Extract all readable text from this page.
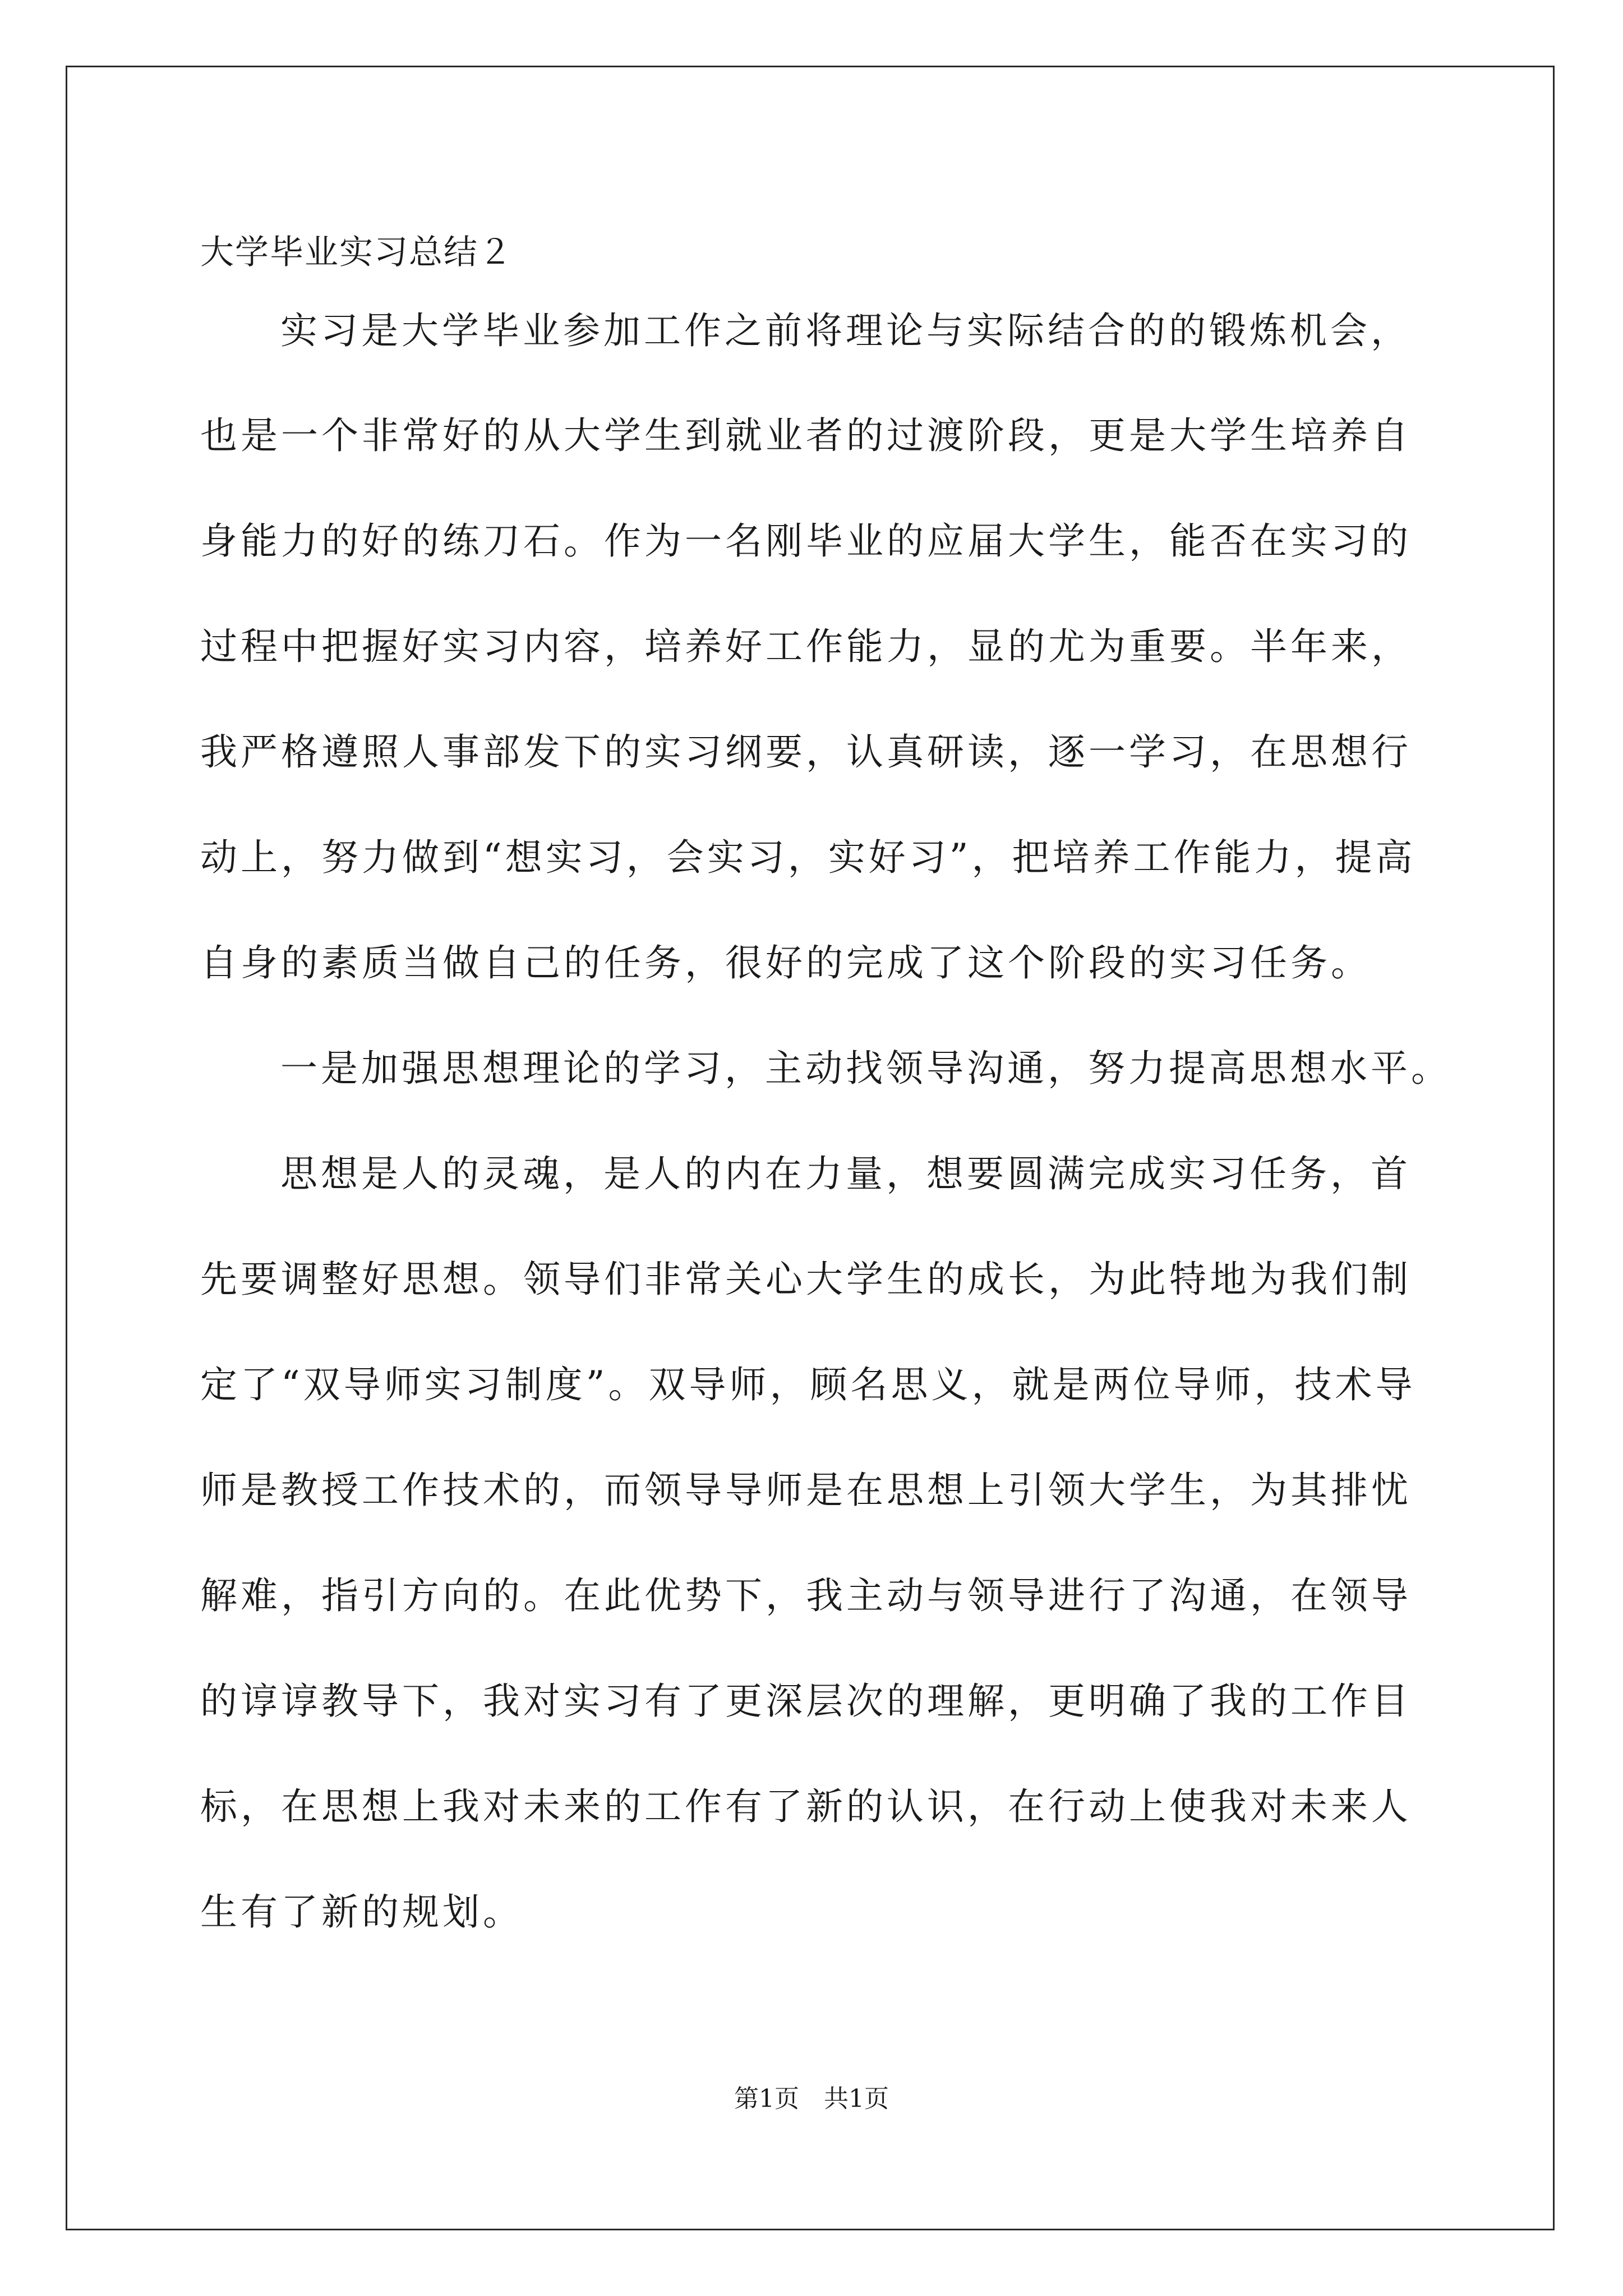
大学毕业实习总结２
实习是大学毕业参加工作之前将理论与实际结合的的锻炼机会，
也是一个非常好的从大学生到就业者的过渡阶段，更是大学生培养自
身能力的好的练刀石。作为一名刚毕业的应届大学生，能否在实习的
过程中把握好实习内容，培养好工作能力，显的尤为重要。半年来，
我严格遵照人事部发下的实习纲要，认真研读，逐一学习，在思想行
动上，努力做到“想实习，会实习，实好习”，把培养工作能力，提高
自身的素质当做自己的任务，很好的完成了这个阶段的实习任务。
一是加强思想理论的学习，主动找领导沟通，努力提高思想水平。
思想是人的灵魂，是人的内在力量，想要圆满完成实习任务，首
先要调整好思想。领导们非常关心大学生的成长，为此特地为我们制
定了“双导师实习制度”。双导师，顾名思义，就是两位导师，技术导
师是教授工作技术的，而领导导师是在思想上引领大学生，为其排忧
解难，指引方向的。在此优势下，我主动与领导进行了沟通，在领导
的谆谆教导下，我对实习有了更深层次的理解，更明确了我的工作目
标，在思想上我对未来的工作有了新的认识，在行动上使我对未来人
生有了新的规划。
第1页　共1页
